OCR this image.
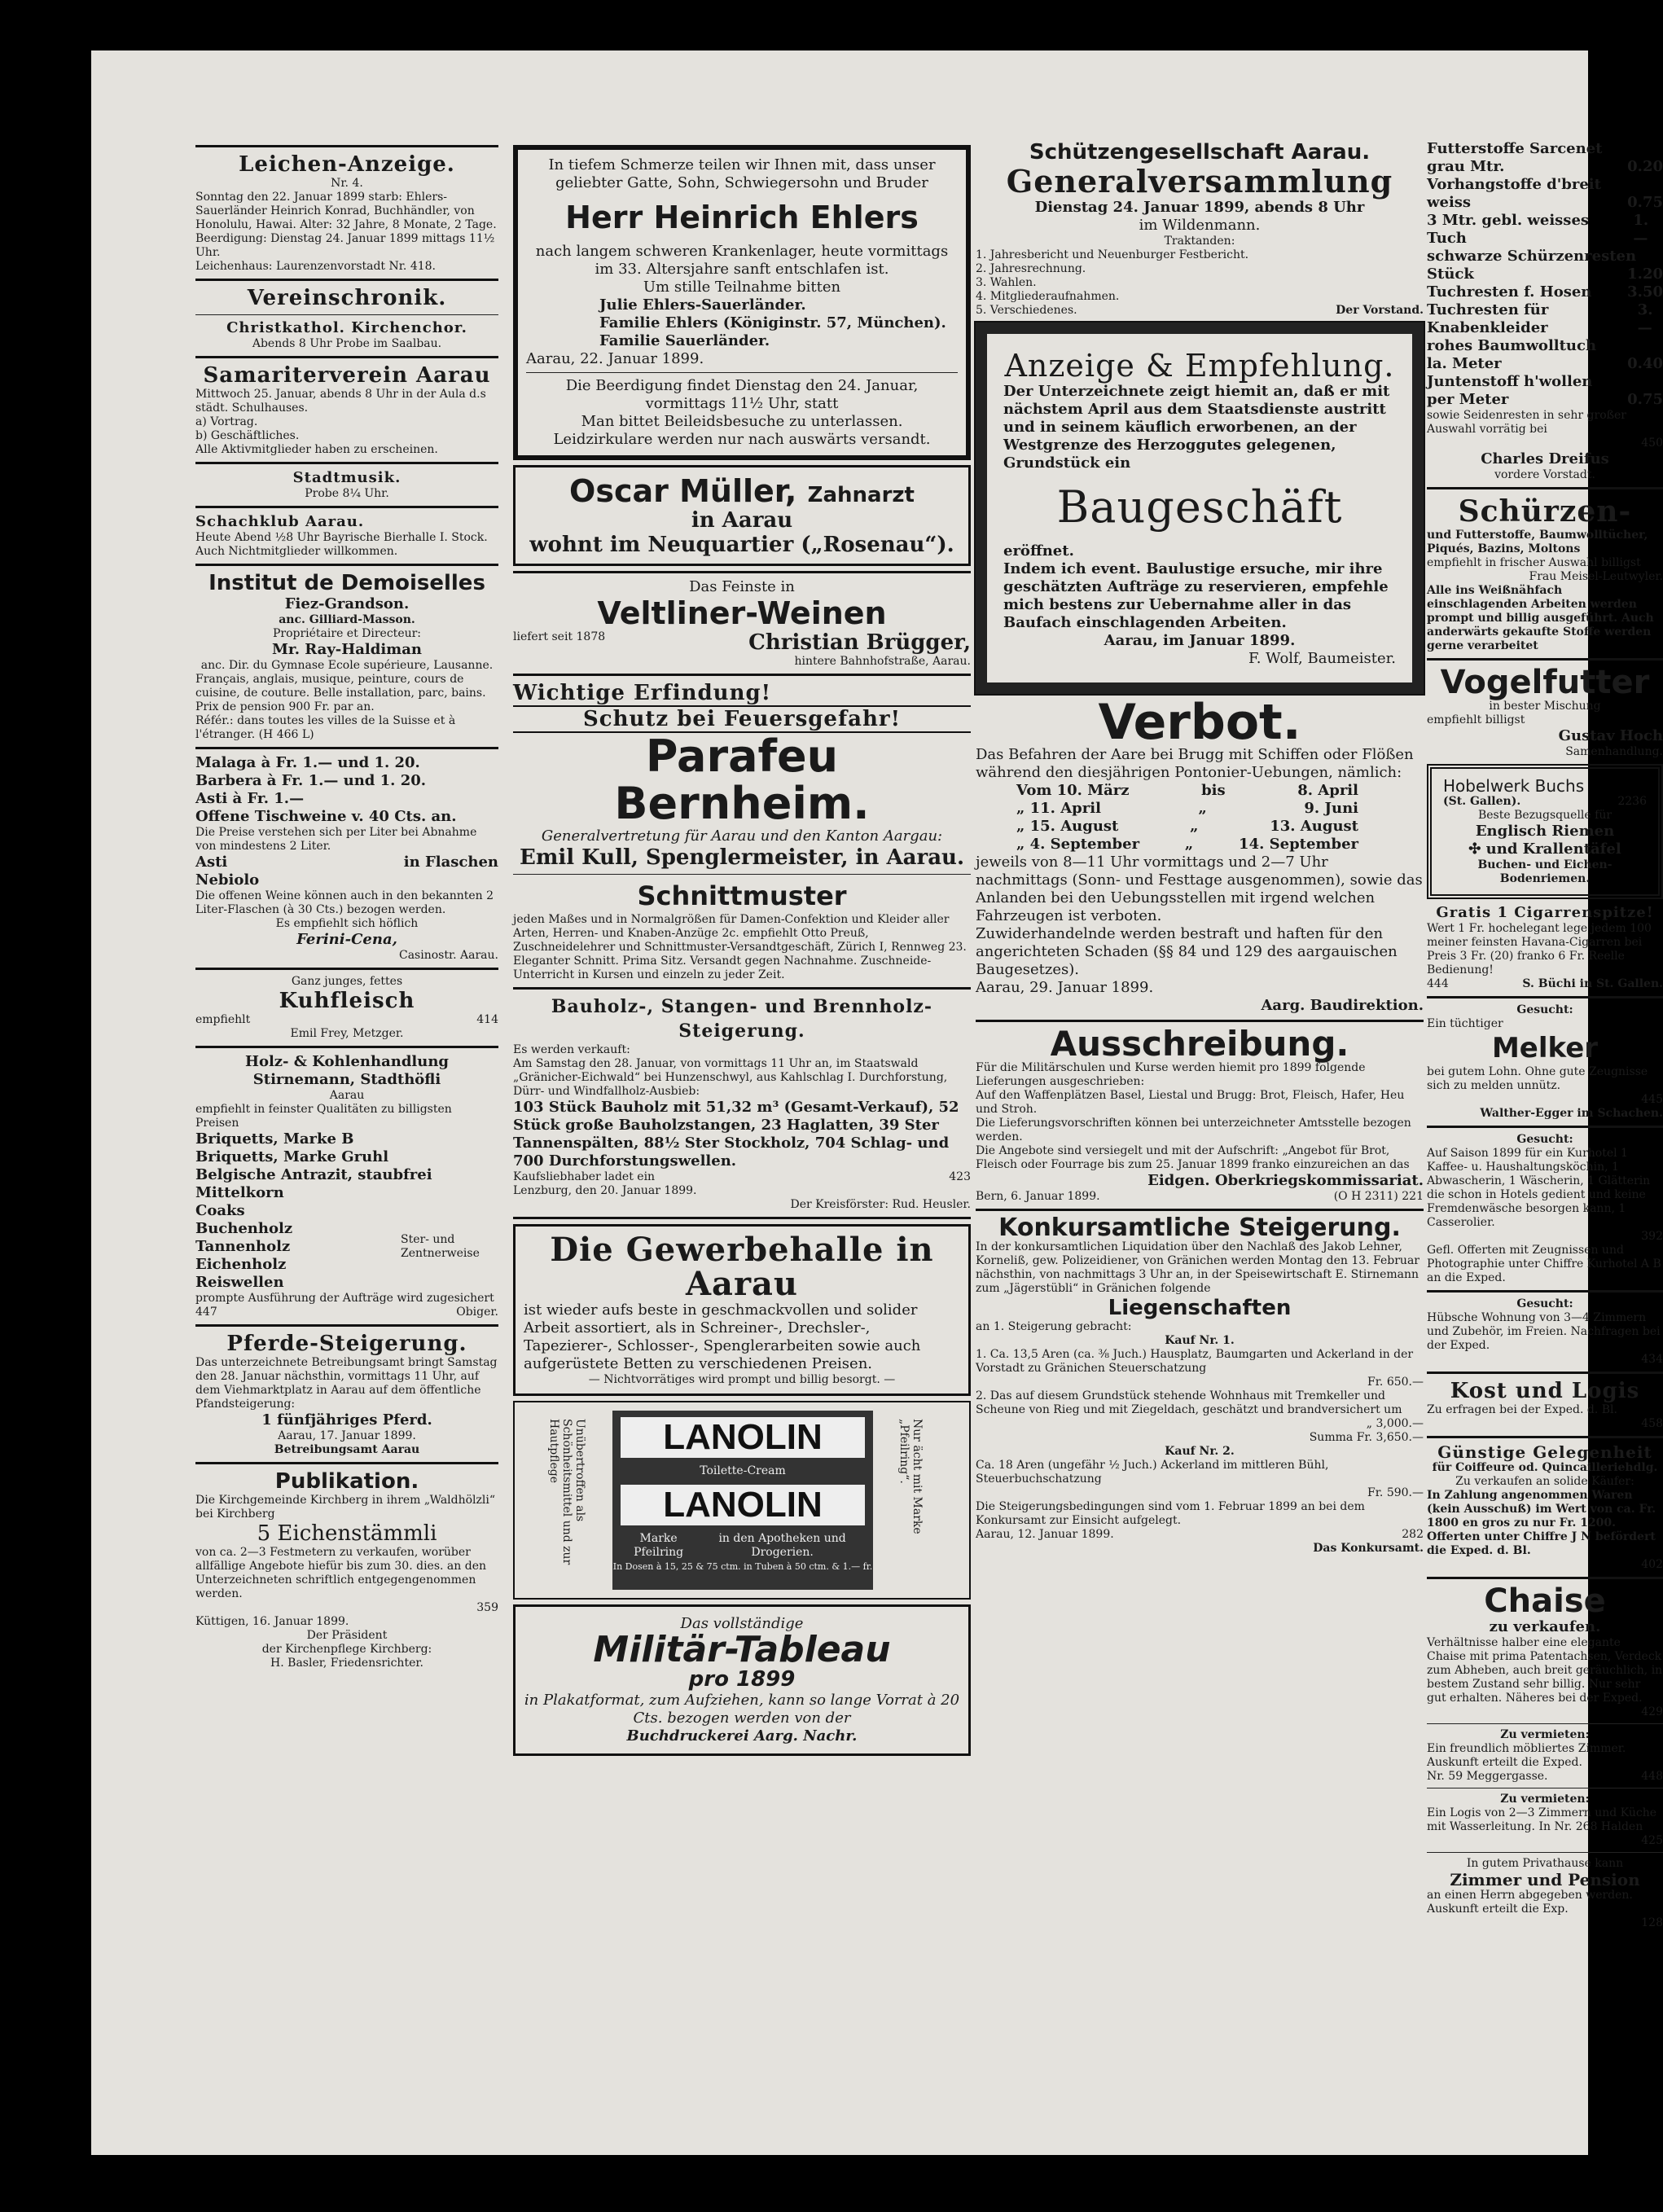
Leichen-Anzeige.

Nr. 4.

Sonntag den 22. Januar 1899 starb: Ehlers-Sauerländer Heinrich Konrad, Buchhändler, von Honolulu, Hawai. Alter: 32 Jahre, 8 Monate, 2 Tage.

Beerdigung: Dienstag 24. Januar 1899 mittags 11½ Uhr.

Leichenhaus: Laurenzenvorstadt Nr. 418.

Vereinschronik.

Christkathol. Kirchenchor.

Abends 8 Uhr Probe im Saalbau.

Samariterverein Aarau

Mittwoch 25. Januar, abends 8 Uhr in der Aula d.s städt. Schulhauses.

a) Vortrag.

b) Geschäftliches.

Alle Aktivmitglieder haben zu erscheinen.

Stadtmusik.

Probe 8¼ Uhr.

Schachklub Aarau.

Heute Abend ½8 Uhr Bayrische Bierhalle I. Stock. Auch Nichtmitglieder willkommen.

Institut de Demoiselles

Fiez-Grandson.

anc. Gilliard-Masson.

Propriétaire et Directeur:

Mr. Ray-Haldiman

anc. Dir. du Gymnase Ecole supérieure, Lausanne.

Français, anglais, musique, peinture, cours de cuisine, de couture. Belle installation, parc, bains.

Prix de pension 900 Fr. par an.

Référ.: dans toutes les villes de la Suisse et à l'étranger. (H 466 L)

Malaga à Fr. 1.— und 1. 20.

Barbera à Fr. 1.— und 1. 20.

Asti à Fr. 1.—

Offene Tischweine v. 40 Cts. an.

Die Preise verstehen sich per Liter bei Abnahme von mindestens 2 Liter.

Asti	in Flaschen

Nebiolo

Die offenen Weine können auch in den bekannten 2 Liter-Flaschen (à 30 Cts.) bezogen werden.

Es empfiehlt sich höflich

Ferini-Cena,

Casinostr. Aarau.

Ganz junges, fettes

Kuhfleisch

empfiehlt	414

Emil Frey, Metzger.

Holz- & Kohlenhandlung

Stirnemann, Stadthöfli

Aarau

empfiehlt in feinster Qualitäten zu billigsten Preisen

Briquetts, Marke B

Briquetts, Marke Gruhl

Belgische Antrazit, staubfrei

Mittelkorn

Coaks

Buchenholz

Tannenholz

Eichenholz

Reiswellen

Ster- und Zentnerweise

prompte Ausführung der Aufträge wird zugesichert

447	Obiger.

Pferde-Steigerung.

Das unterzeichnete Betreibungsamt bringt Samstag den 28. Januar nächsthin, vormittags 11 Uhr, auf dem Viehmarktplatz in Aarau auf dem öffentliche Pfandsteigerung:

1 fünfjähriges Pferd.

Aarau, 17. Januar 1899.

Betreibungsamt Aarau

Publikation.

Die Kirchgemeinde Kirchberg in ihrem „Waldhölzli“ bei Kirchberg

5 Eichenstämmli

von ca. 2—3 Festmetern zu verkaufen, worüber allfällige Angebote hiefür bis zum 30. dies. an den Unterzeichneten schriftlich entgegengenommen werden.

359

Küttigen, 16. Januar 1899.

Der Präsident

der Kirchenpflege Kirchberg:

H. Basler, Friedensrichter.

In tiefem Schmerze teilen wir Ihnen mit, dass unser geliebter Gatte, Sohn, Schwiegersohn und Bruder

Herr Heinrich Ehlers

nach langem schweren Krankenlager, heute vormittags im 33. Altersjahre sanft entschlafen ist.

Um stille Teilnahme bitten

Julie Ehlers-Sauerländer.

Familie Ehlers (Königinstr. 57, München).

Familie Sauerländer.

Aarau, 22. Januar 1899.

Die Beerdigung findet Dienstag den 24. Januar, vormittags 11½ Uhr, statt

Man bittet Beileidsbesuche zu unterlassen.

Leidzirkulare werden nur nach auswärts versandt.

Oscar Müller, Zahnarzt

in Aarau

wohnt im Neuquartier („Rosenau“).

Das Feinste in

Veltliner-Weinen

liefert seit 1878	Christian Brügger,

hintere Bahnhofstraße, Aarau.

Wichtige Erfindung!

Schutz bei Feuersgefahr!

Parafeu Bernheim.

Generalvertretung für Aarau und den Kanton Aargau:

Emil Kull, Spenglermeister, in Aarau.

Schnittmuster

jeden Maßes und in Normalgrößen für Damen-Confektion und Kleider aller Arten, Herren- und Knaben-Anzüge 2c. empfiehlt Otto Preuß, Zuschneidelehrer und Schnittmuster-Versandtgeschäft, Zürich I, Rennweg 23. Eleganter Schnitt. Prima Sitz. Versandt gegen Nachnahme. Zuschneide-Unterricht in Kursen und einzeln zu jeder Zeit.

Bauholz-, Stangen- und Brennholz-Steigerung.

Es werden verkauft:

Am Samstag den 28. Januar, von vormittags 11 Uhr an, im Staatswald „Gränicher-Eichwald“ bei Hunzenschwyl, aus Kahlschlag I. Durchforstung, Dürr- und Windfallholz-Ausbieb:

103 Stück Bauholz mit 51,32 m³ (Gesamt-Verkauf), 52 Stück große Bauholzstangen, 23 Haglatten, 39 Ster Tannenspälten, 88½ Ster Stockholz, 704 Schlag- und 700 Durchforstungswellen.

Kaufsliebhaber ladet ein	423

Lenzburg, den 20. Januar 1899.

Der Kreisförster: Rud. Heusler.

Die Gewerbehalle in Aarau

ist wieder aufs beste in geschmackvollen und solider Arbeit assortiert, als in Schreiner-, Drechsler-, Tapezierer-, Schlosser-, Spenglerarbeiten sowie auch aufgerüstete Betten zu verschiedenen Preisen.

— Nichtvorrätiges wird prompt und billig besorgt. —

Unübertroffen als Schönheitsmittel und zur Hautpflege	LANOLIN

Toilette-Cream

LANOLIN

Marke Pfeilring

in den Apotheken und Drogerien.

In Dosen à 15, 25 & 75 ctm. in Tuben à 50 ctm. & 1.— fr.

Nur ächt mit Marke „Pfeilring“.

Das vollständige

Militär-Tableau

pro 1899

in Plakatformat, zum Aufziehen, kann so lange Vorrat à 20 Cts. bezogen werden von der

Buchdruckerei Aarg. Nachr.

Schützengesellschaft Aarau.

Generalversammlung

Dienstag 24. Januar 1899, abends 8 Uhr

im Wildenmann.

Traktanden:

1. Jahresbericht und Neuenburger Festbericht.

2. Jahresrechnung.

3. Wahlen.

4. Mitgliederaufnahmen.

5. Verschiedenes.	Der Vorstand.

Anzeige & Empfehlung.

Der Unterzeichnete zeigt hiemit an, daß er mit nächstem April aus dem Staatsdienste austritt und in seinem käuflich erworbenen, an der Westgrenze des Herzoggutes gelegenen, Grundstück ein

Baugeschäft

eröffnet.

Indem ich event. Baulustige ersuche, mir ihre geschätzten Aufträge zu reservieren, empfehle mich bestens zur Uebernahme aller in das Baufach einschlagenden Arbeiten.

Aarau, im Januar 1899.

F. Wolf, Baumeister.

Verbot.

Das Befahren der Aare bei Brugg mit Schiffen oder Flößen während den diesjährigen Pontonier-Uebungen, nämlich:

Vom 10. März	bis	8. April
„ 11. April	„	9. Juni
„ 15. August	„	13. August
„ 4. September	„	14. September

jeweils von 8—11 Uhr vormittags und 2—7 Uhr nachmittags (Sonn- und Festtage ausgenommen), sowie das Anlanden bei den Uebungsstellen mit irgend welchen Fahrzeugen ist verboten.

Zuwiderhandelnde werden bestraft und haften für den angerichteten Schaden (§§ 84 und 129 des aargauischen Baugesetzes).

Aarau, 29. Januar 1899.

Aarg. Baudirektion.

Ausschreibung.

Für die Militärschulen und Kurse werden hiemit pro 1899 folgende Lieferungen ausgeschrieben:

Auf den Waffenplätzen Basel, Liestal und Brugg: Brot, Fleisch, Hafer, Heu und Stroh.

Die Lieferungsvorschriften können bei unterzeichneter Amtsstelle bezogen werden.

Die Angebote sind versiegelt und mit der Aufschrift: „Angebot für Brot, Fleisch oder Fourrage bis zum 25. Januar 1899 franko einzureichen an das

Eidgen. Oberkriegskommissariat.

Bern, 6. Januar 1899.	(O H 2311) 221

Konkursamtliche Steigerung.

In der konkursamtlichen Liquidation über den Nachlaß des Jakob Lehner, Korneliß, gew. Polizeidiener, von Gränichen werden Montag den 13. Februar nächsthin, von nachmittags 3 Uhr an, in der Speisewirtschaft E. Stirnemann zum „Jägerstübli“ in Gränichen folgende

Liegenschaften

an 1. Steigerung gebracht:

Kauf Nr. 1.

1. Ca. 13,5 Aren (ca. ⅜ Juch.) Hausplatz, Baumgarten und Ackerland in der Vorstadt zu Gränichen Steuerschatzung

Fr. 650.—

2. Das auf diesem Grundstück stehende Wohnhaus mit Tremkeller und Scheune von Rieg und mit Ziegeldach, geschätzt und brandversichert um

„ 3,000.—

Summa Fr. 3,650.—

Kauf Nr. 2.

Ca. 18 Aren (ungefähr ½ Juch.) Ackerland im mittleren Bühl, Steuerbuchschatzung

Fr. 590.—

Die Steigerungsbedingungen sind vom 1. Februar 1899 an bei dem Konkursamt zur Einsicht aufgelegt.

Aarau, 12. Januar 1899.	282

Das Konkursamt.

Futterstoffe Sarcenet
grau Mtr.	0.20
Vorhangstoffe d'breit
weiss	0.75
3 Mtr. gebl. weisses Tuch
1.—
schwarze Schürzenresten
Stück	1.20
Tuchresten f. Hosen 3.50
Tuchresten für Knabenkleider
3.—
rohes Baumwolltuch
la. Meter	0.40
Juntenstoff h'wollen
per Meter	0.75

sowie Seidenresten in sehr großer Auswahl vorrätig bei

450

Charles Dreifus

vordere Vorstadt.

Schürzen-

und Futterstoffe, Baumwolltücher, Piqués, Bazins, Moltons

empfiehlt in frischer Auswahl billigst

Frau Meisel-Leutwyler.

Alle ins Weißnähfach einschlagenden Arbeiten werden prompt und billig ausgeführt. Auch anderwärts gekaufte Stoffe werden gerne verarbeitet

Vogelfutter

in bester Mischung

empfiehlt billigst

Gustav Hoch

Samenhandlung.

Hobelwerk Buchs

(St. Gallen).	2236

Beste Bezugsquelle für

Englisch Riemen

✣ und Krallentäfel

Buchen- und Eichen-Bodenriemen.

Gratis 1 Cigarrenspitze!

Wert 1 Fr. hochelegant lege jedem 100 meiner feinsten Havana-Cigarren bei Preis 3 Fr. (20) franko 6 Fr. Reelle Bedienung!

444	S. Büchi in St. Gallen.

Gesucht:

Ein tüchtiger

Melker

bei gutem Lohn. Ohne gute Zeugnisse sich zu melden unnütz.

445

Walther-Egger im Schachen.

Gesucht:

Auf Saison 1899 für ein Kurhotel 1 Kaffee- u. Haushaltungsköchin, 1 Abwascherin, 1 Wäscherin, 1 Glätterin die schon in Hotels gedient und keine Fremdenwäsche besorgen kann, 1 Casserolier.

392

Gefl. Offerten mit Zeugnissen und Photographie unter Chiffre Kurhotel A B an die Exped.

Gesucht:

Hübsche Wohnung von 3—4 Zimmern und Zubehör, im Freien. Nachfragen bei der Exped.

434

Kost und Logis

Zu erfragen bei der Exped. d. Bl.

458

Günstige Gelegenheit

für Coiffeure od. Quincailleriehdlg.

Zu verkaufen an solide Käufer:

In Zahlung angenommen Waren (kein Ausschuß) im Wert von ca. Fr. 1800 en gros zu nur Fr. 1200. Offerten unter Chiffre J N befördert die Exped. d. Bl.

402

Chaise

zu verkaufen.

Verhältnisse halber eine elegante Chaise mit prima Patentachsen, Verdeck zum Abheben, auch breit geräuchlich, in bestem Zustand sehr billig. Nur sehr gut erhalten. Näheres bei der Exped.

429

Zu vermieten:

Ein freundlich möbliertes Zimmer. Auskunft erteilt die Exped.

Nr. 59 Meggergasse.	448

Zu vermieten:

Ein Logis von 2—3 Zimmern und Küche mit Wasserleitung. In Nr. 268 Halden

425

In gutem Privathause kann

Zimmer und Pension

an einen Herrn abgegeben werden. Auskunft erteilt die Exp.

128
